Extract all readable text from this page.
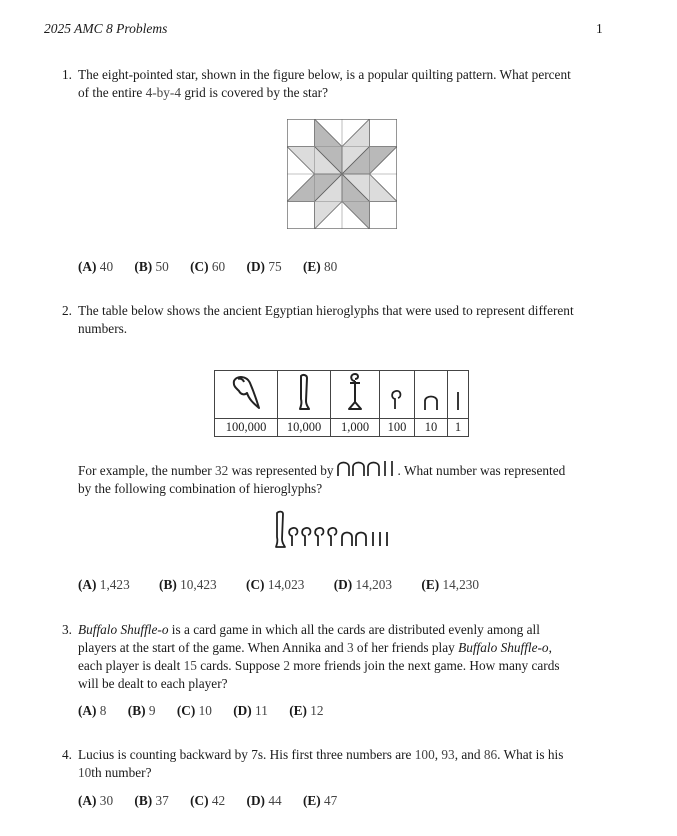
2025 AMC 8 Problems	1
1. The eight-pointed star, shown in the figure below, is a popular quilting pattern. What percent
of the entire 4-by-4 grid is covered by the star?
(A) 40 (B) 50 (C) 60 (D) 75 (E) 80
2. The table below shows the ancient Egyptian hieroglyphs that were used to represent different
numbers.

100,000	10,000	1,000	100	10	1
For example, the number 32 was represented by	. What number was represented
by the following combination of hieroglyphs?
(A) 1,423 (B) 10,423 (C) 14,023 (D) 14,203 (E) 14,230
3. Buffalo Shuffle-o is a card game in which all the cards are distributed evenly among all
players at the start of the game. When Annika and 3 of her friends play Buffalo Shuffle-o,
each player is dealt 15 cards. Suppose 2 more friends join the next game. How many cards
will be dealt to each player?
(A) 8 (B) 9 (C) 10 (D) 11 (E) 12
4. Lucius is counting backward by 7s. His first three numbers are 100, 93, and 86. What is his
10th number?
(A) 30 (B) 37 (C) 42 (D) 44 (E) 47
